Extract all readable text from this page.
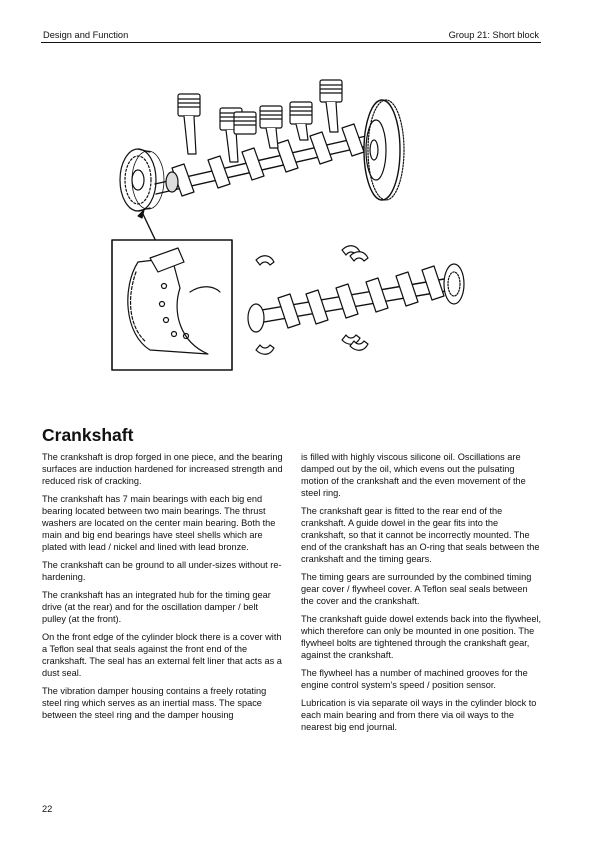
Design and Function	Group 21: Short block
Crankshaft

The crankshaft is drop forged in one piece, and the bearing surfaces are induction hardened for increased strength and reduced risk of cracking.

The crankshaft has 7 main bearings with each big end bearing located between two main bearings. The thrust washers are located on the center main bearing. Both the main and big end bearings have steel shells which are plated with lead / nickel and lined with lead bronze.

The crankshaft can be ground to all under-sizes without re-hardening.

The crankshaft has an integrated hub for the timing gear drive (at the rear) and for the oscillation damper / belt pulley (at the front).

On the front edge of the cylinder block there is a cover with a Teflon seal that seals against the front end of the crankshaft. The seal has an external felt liner that acts as a dust seal.

The vibration damper housing contains a freely rotating steel ring which serves as an inertial mass. The space between the steel ring and the damper housing

is filled with highly viscous silicone oil. Oscillations are damped out by the oil, which evens out the pulsating motion of the crankshaft and the even movement of the steel ring.

The crankshaft gear is fitted to the rear end of the crankshaft. A guide dowel in the gear fits into the crankshaft, so that it cannot be incorrectly mounted. The end of the crankshaft has an O-ring that seals between the crankshaft and the timing gears.

The timing gears are surrounded by the combined timing gear cover / flywheel cover. A Teflon seal seals between the cover and the crankshaft.

The crankshaft guide dowel extends back into the flywheel, which therefore can only be mounted in one position. The flywheel bolts are tightened through the crankshaft gear, against the crankshaft.

The flywheel has a number of machined grooves for the engine control system’s speed / position sensor.

Lubrication is via separate oil ways in the cylinder block to each main bearing and from there via oil ways to the nearest big end journal.

22
